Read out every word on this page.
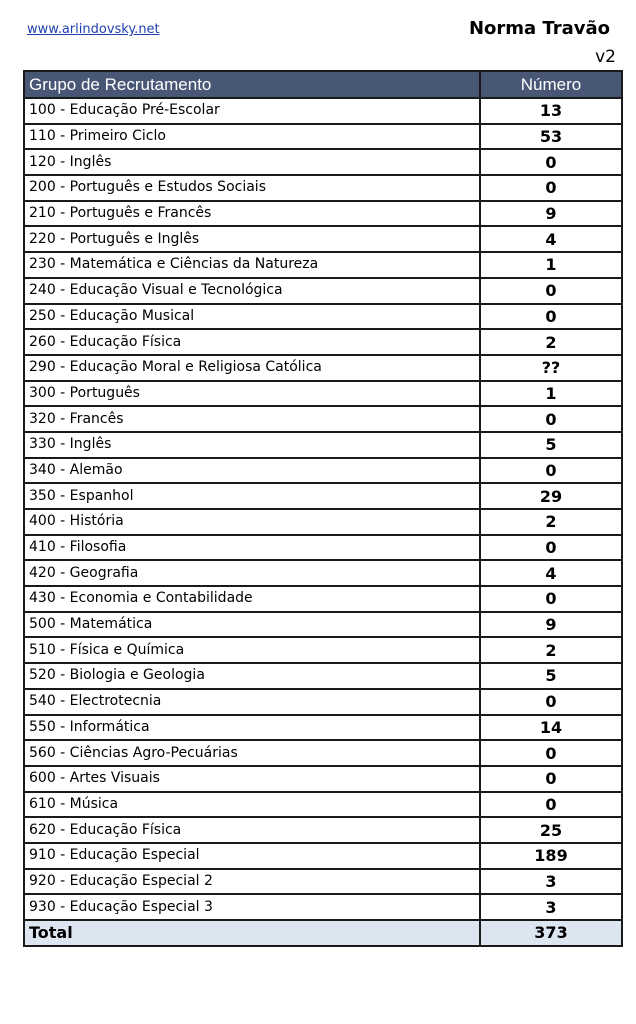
www.arlindovsky.net	Norma Travão
v2
Grupo de Recrutamento	Número
100 - Educação Pré-Escolar	13
110 - Primeiro Ciclo	53
120 - Inglês	0
200 - Português e Estudos Sociais	0
210 - Português e Francês	9
220 - Português e Inglês	4
230 - Matemática e Ciências da Natureza	1
240 - Educação Visual e Tecnológica	0
250 - Educação Musical	0
260 - Educação Física	2
290 - Educação Moral e Religiosa Católica	??
300 - Português	1
320 - Francês	0
330 - Inglês	5
340 - Alemão	0
350 - Espanhol	29
400 - História	2
410 - Filosofia	0
420 - Geografia	4
430 - Economia e Contabilidade	0
500 - Matemática	9
510 - Física e Química	2
520 - Biologia e Geologia	5
540 - Electrotecnia	0
550 - Informática	14
560 - Ciências Agro-Pecuárias	0
600 - Artes Visuais	0
610 - Música	0
620 - Educação Física	25
910 - Educação Especial	189
920 - Educação Especial 2	3
930 - Educação Especial 3	3
Total	373
